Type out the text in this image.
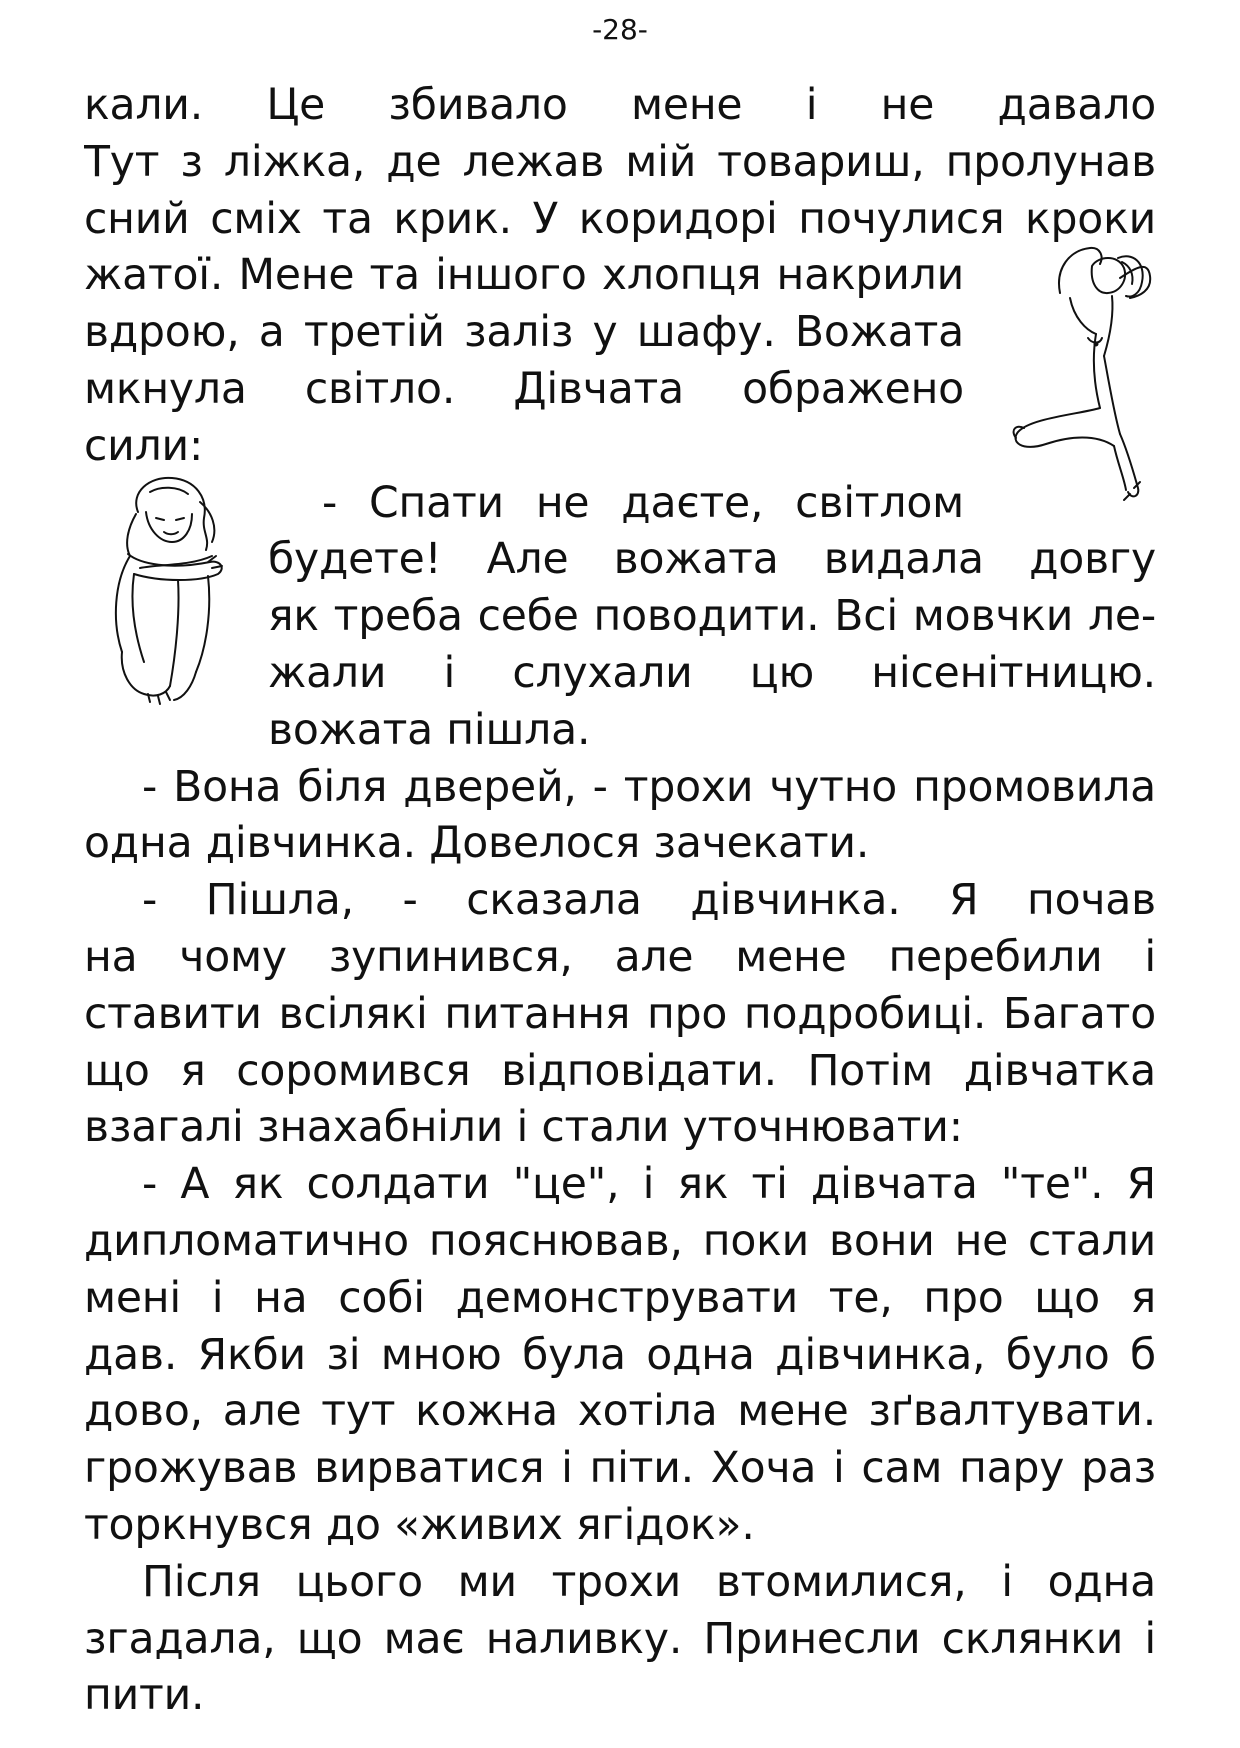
-28-
кали. Це збивало мене і не давало
Тут з ліжка, де лежав мій товариш, пролунав
сний сміх та крик. У коридорі почулися кроки
жатої. Мене та іншого хлопця накрили
вдрою, а третій заліз у шафу. Вожата
мкнула світло. Дівчата ображено
сили:
- Спати не даєте, світлом
будете! Але вожата видала довгу
як треба себе поводити. Всі мовчки ле-
жали і слухали цю нісенітницю.
вожата пішла.
- Вона біля дверей, - трохи чутно промовила
одна дівчинка. Довелося зачекати.
- Пішла, - сказала дівчинка. Я почав
на чому зупинився, але мене перебили і
ставити всілякі питання про подробиці. Багато
що я соромився відповідати. Потім дівчатка
взагалі знахабніли і стали уточнювати:
- А як солдати "це", і як ті дівчата "те". Я
дипломатично пояснював, поки вони не стали
мені і на собі демонструвати те, про що я
дав. Якби зі мною була одна дівчинка, було б
дово, але тут кожна хотіла мене зґвалтувати.
грожував вирватися і піти. Хоча і сам пару раз
торкнувся до «живих ягідок».
Після цього ми трохи втомилися, і одна
згадала, що має наливку. Принесли склянки і
пити.
